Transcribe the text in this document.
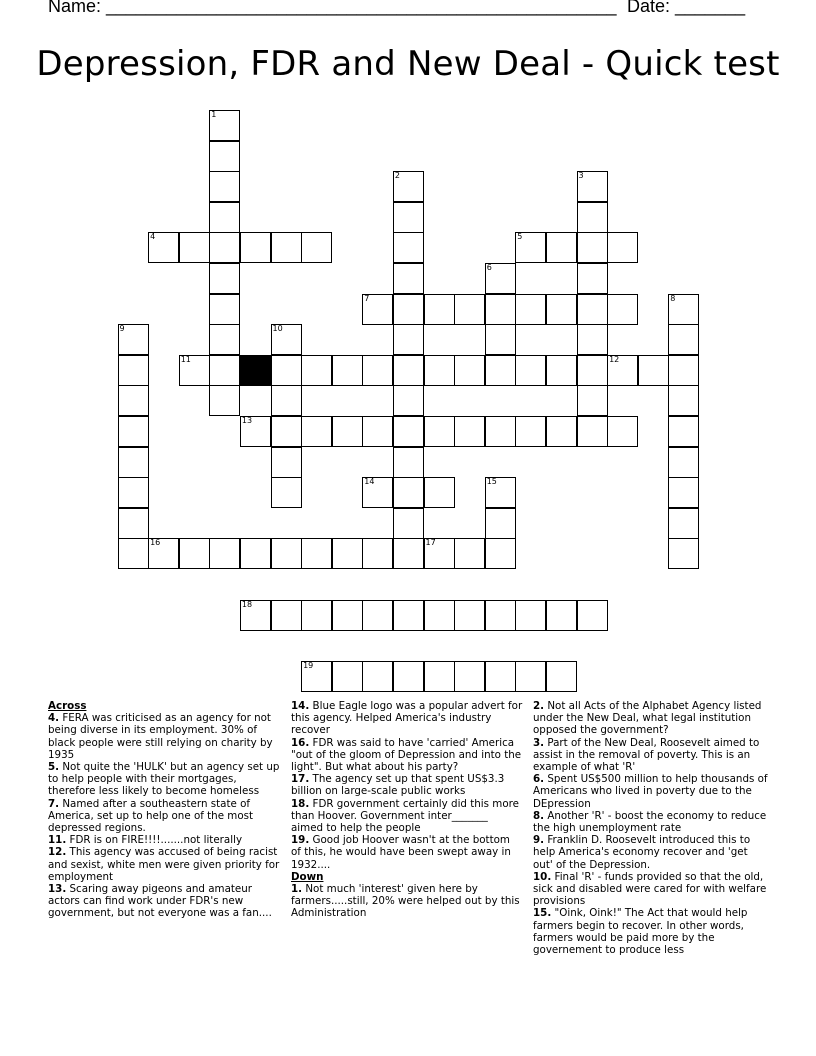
Name: ___________________________________________________ Date: _______
Depression, FDR and New Deal - Quick test
1
2	3
4	5
6
7	8
9	10
11	12
13
14	15
16	17
18
19
Across
4. FERA was criticised as an agency for not being diverse in its employment. 30% of black people were still relying on charity by 1935
5. Not quite the 'HULK' but an agency set up to help people with their mortgages, therefore less likely to become homeless
7. Named after a southeastern state of America, set up to help one of the most depressed regions.
11. FDR is on FIRE!!!!.......not literally
12. This agency was accused of being racist and sexist, white men were given priority for employment
13. Scaring away pigeons and amateur actors can find work under FDR's new government, but not everyone was a fan....
14. Blue Eagle logo was a popular advert for this agency. Helped America's industry recover
16. FDR was said to have 'carried' America "out of the gloom of Depression and into the light". But what about his party?
17. The agency set up that spent US$3.3 billion on large-scale public works
18. FDR government certainly did this more than Hoover. Government inter_______ aimed to help the people
19. Good job Hoover wasn't at the bottom of this, he would have been swept away in 1932....
Down
1. Not much 'interest' given here by farmers.....still, 20% were helped out by this Administration
2. Not all Acts of the Alphabet Agency listed under the New Deal, what legal institution opposed the government?
3. Part of the New Deal, Roosevelt aimed to assist in the removal of poverty. This is an example of what 'R'
6. Spent US$500 million to help thousands of Americans who lived in poverty due to the DEpression
8. Another 'R' - boost the economy to reduce the high unemployment rate
9. Franklin D. Roosevelt introduced this to help America's economy recover and 'get out' of the Depression.
10. Final 'R' - funds provided so that the old, sick and disabled were cared for with welfare provisions
15. "Oink, Oink!" The Act that would help farmers begin to recover. In other words, farmers would be paid more by the governement to produce less
